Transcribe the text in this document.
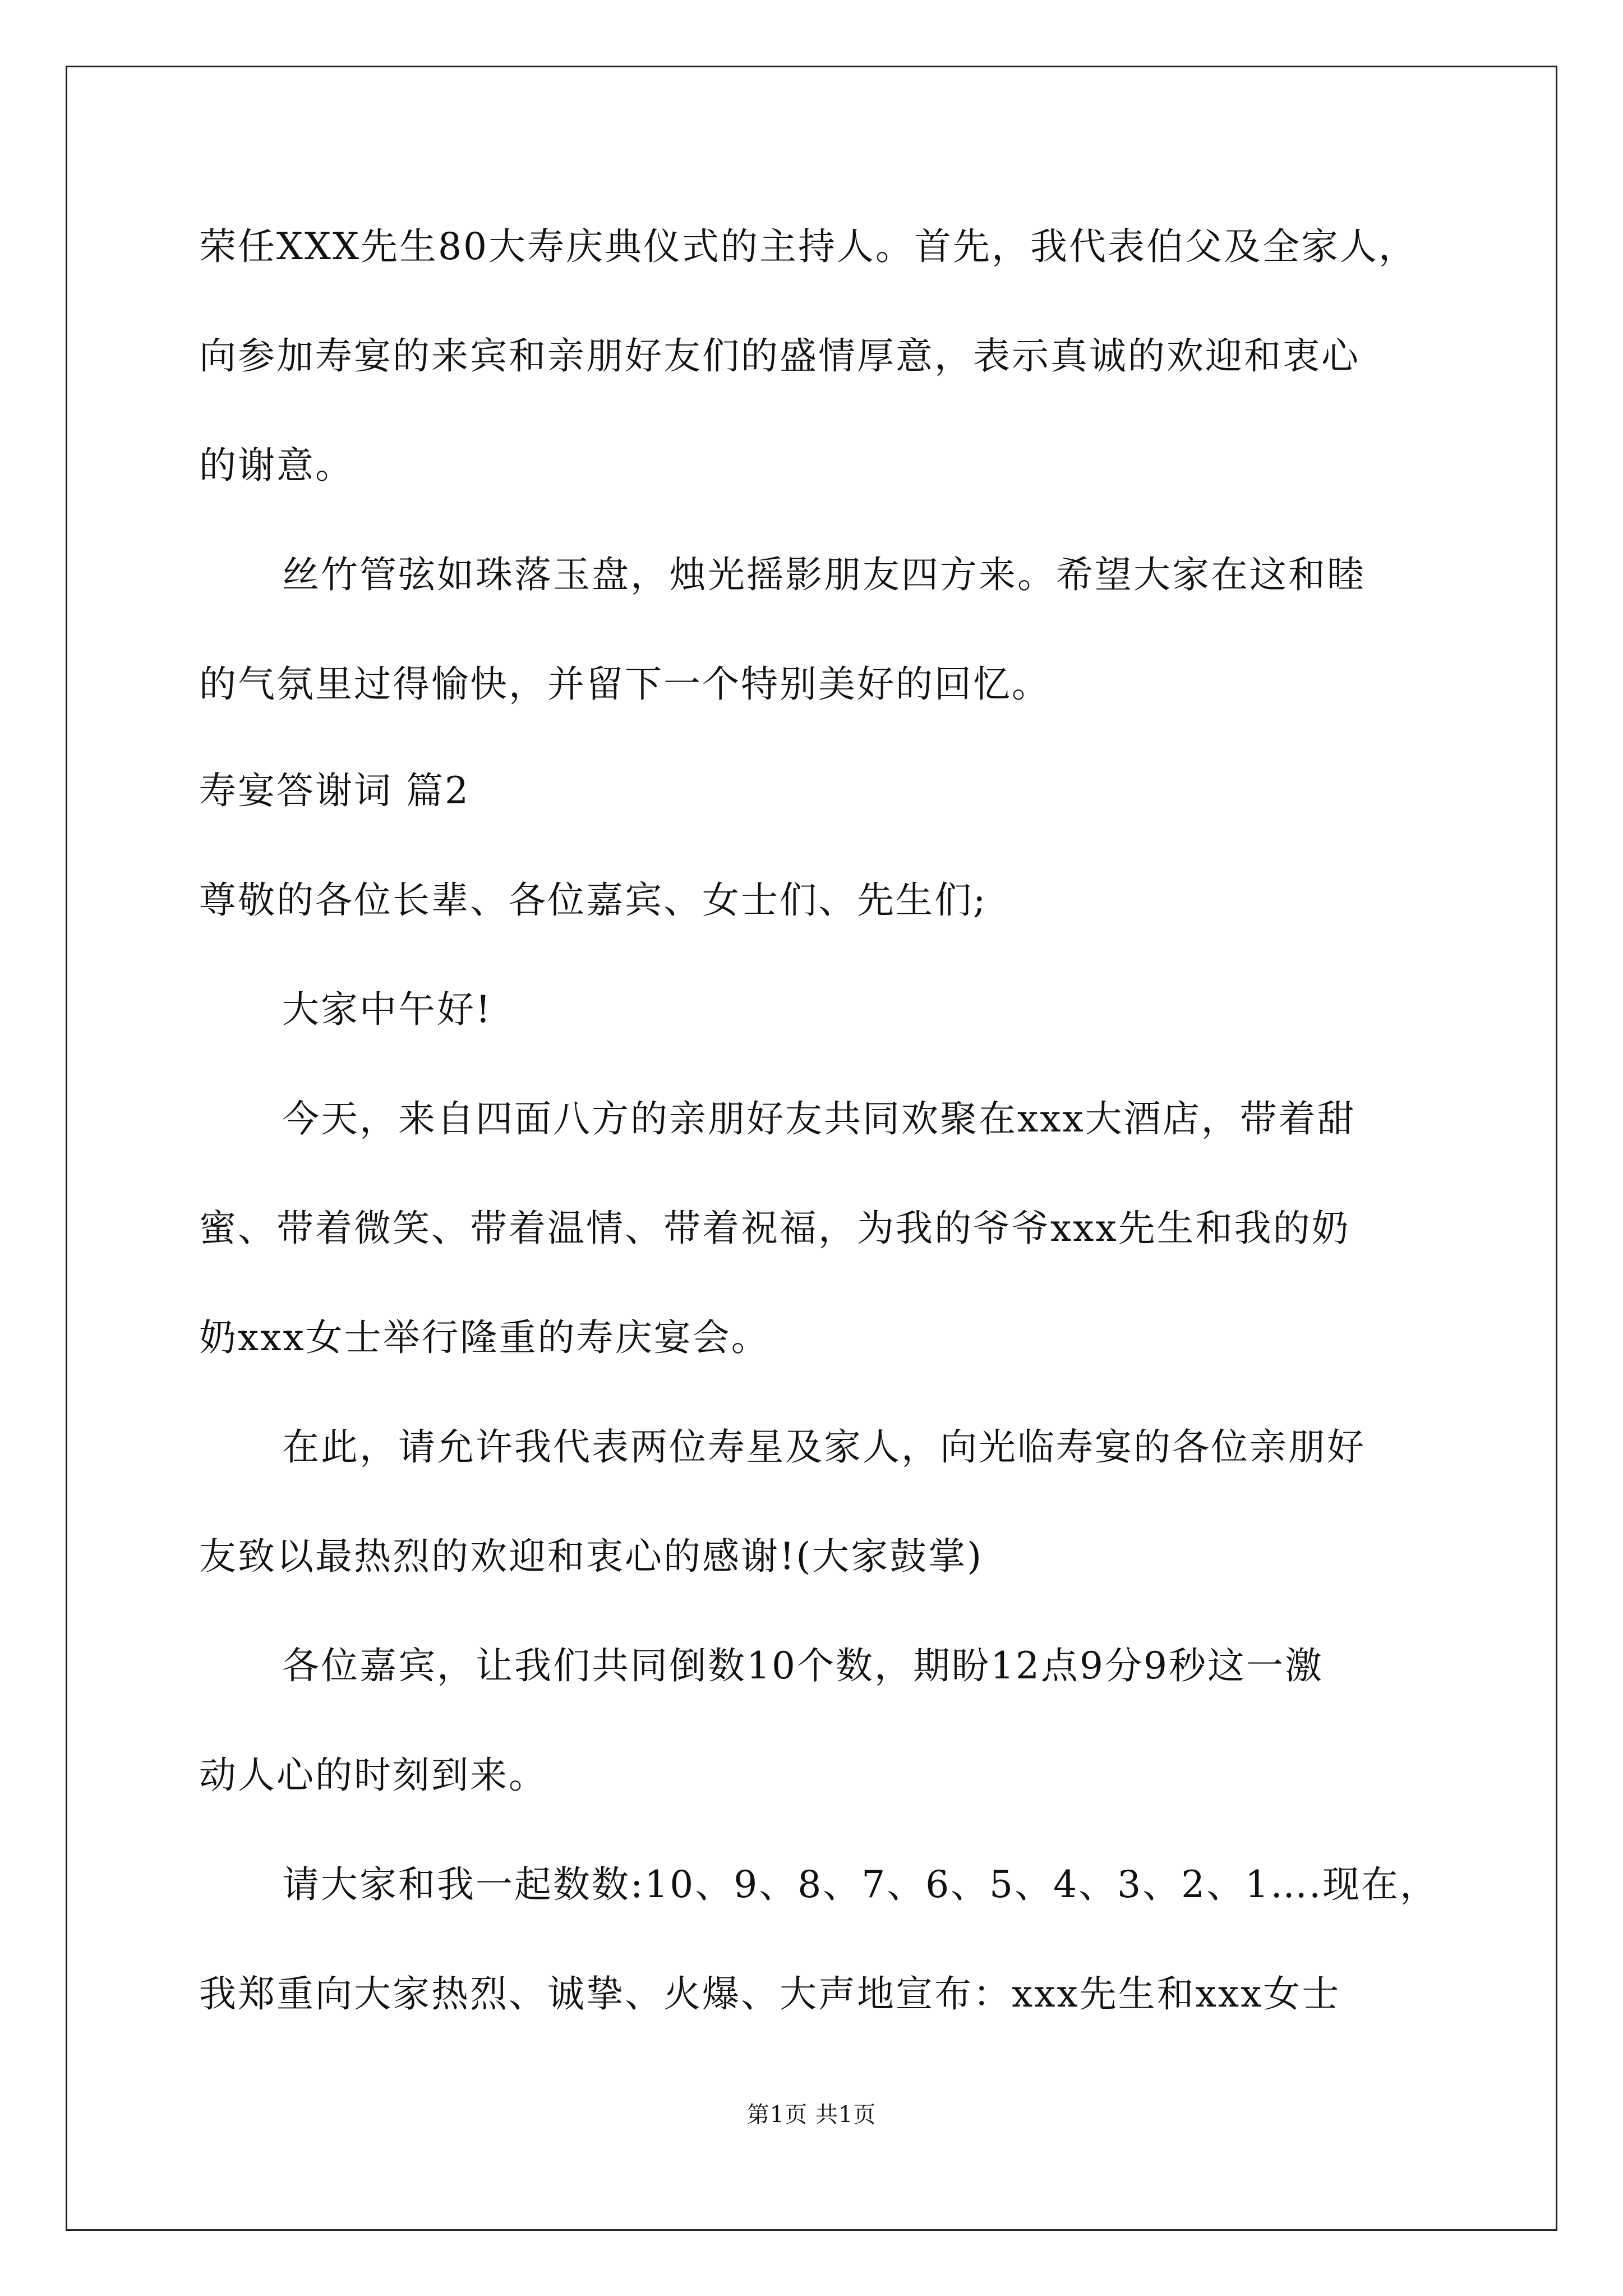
荣任XXX先生80大寿庆典仪式的主持人。首先，我代表伯父及全家人，
向参加寿宴的来宾和亲朋好友们的盛情厚意，表示真诚的欢迎和衷心
的谢意。
丝竹管弦如珠落玉盘，烛光摇影朋友四方来。希望大家在这和睦
的气氛里过得愉快，并留下一个特别美好的回忆。
寿宴答谢词 篇2
尊敬的各位长辈、各位嘉宾、女士们、先生们;
大家中午好!
今天，来自四面八方的亲朋好友共同欢聚在xxx大酒店，带着甜
蜜、带着微笑、带着温情、带着祝福，为我的爷爷xxx先生和我的奶
奶xxx女士举行隆重的寿庆宴会。
在此，请允许我代表两位寿星及家人，向光临寿宴的各位亲朋好
友致以最热烈的欢迎和衷心的感谢!(大家鼓掌)
各位嘉宾，让我们共同倒数10个数，期盼12点9分9秒这一激
动人心的时刻到来。
请大家和我一起数数:10、9、8、7、6、5、4、3、2、1….现在，
我郑重向大家热烈、诚挚、火爆、大声地宣布：xxx先生和xxx女士
第1页 共1页
